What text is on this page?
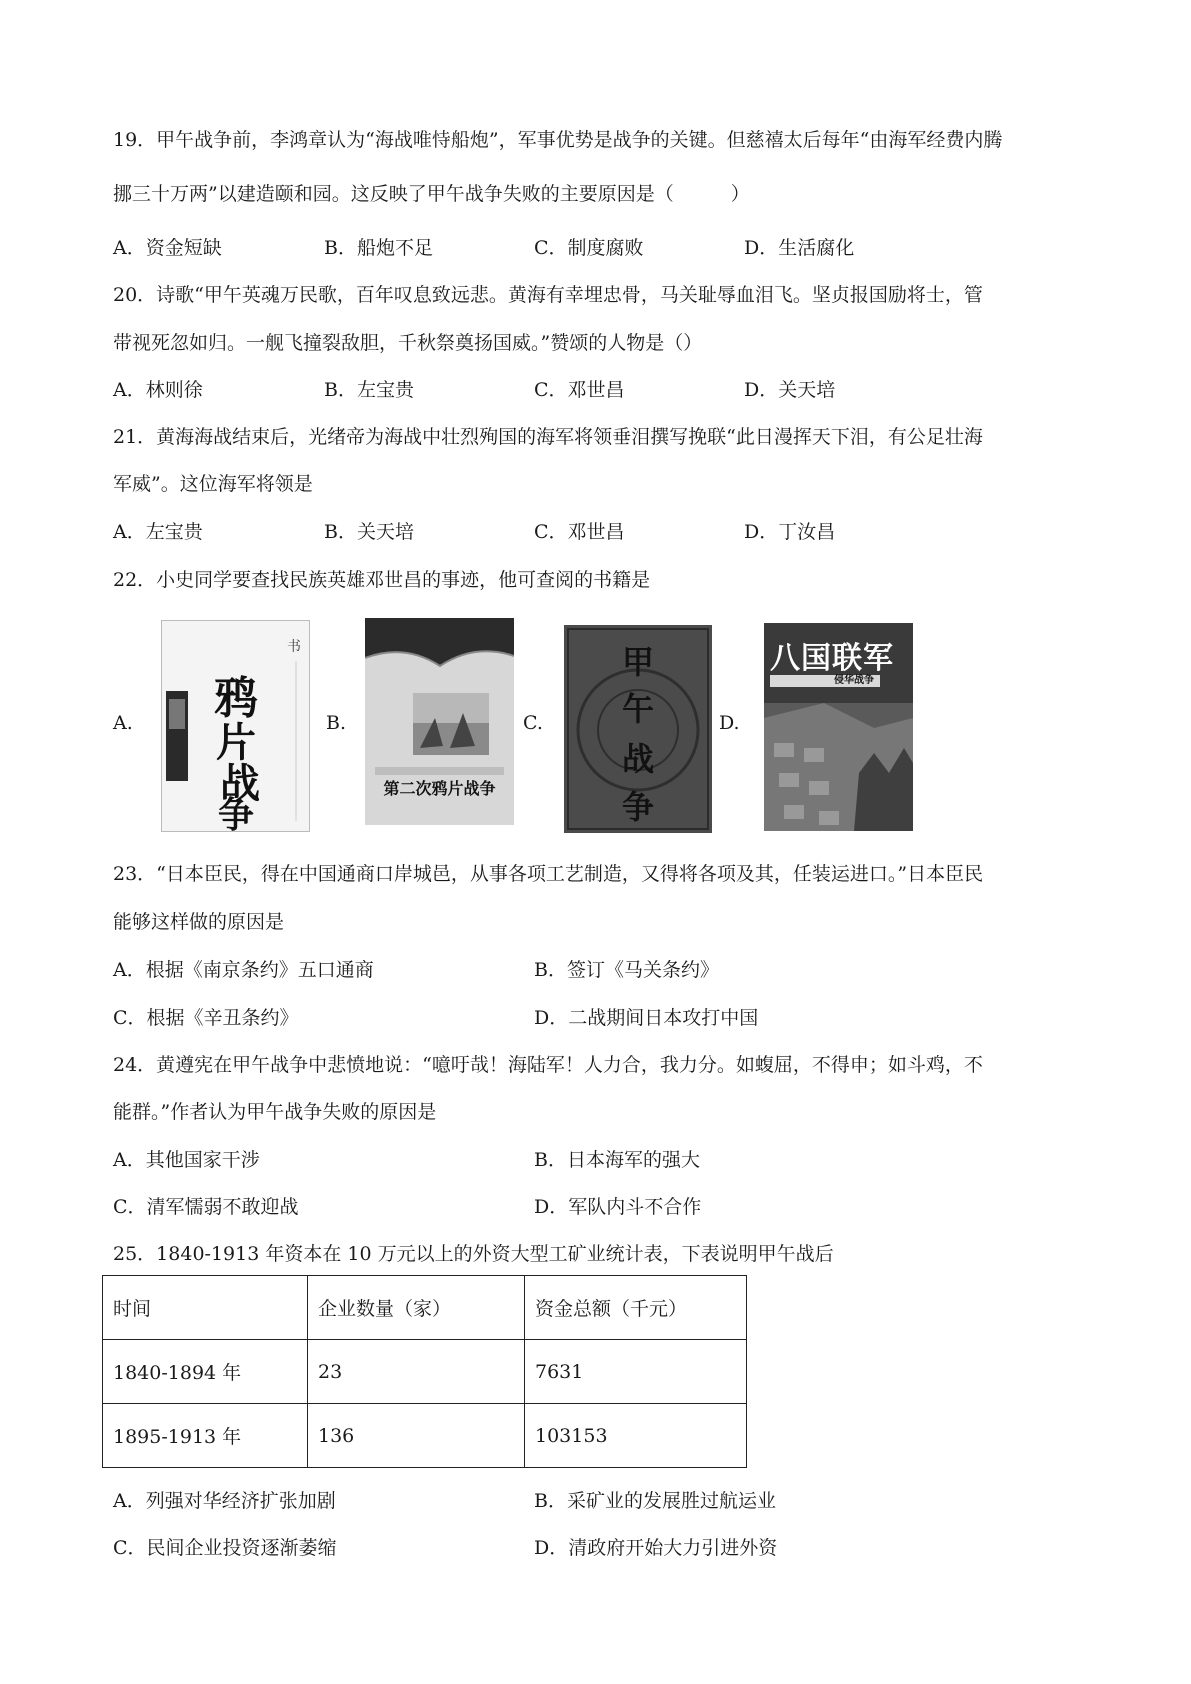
19．甲午战争前，李鸿章认为“海战唯恃船炮”，军事优势是战争的关键。但慈禧太后每年“由海军经费内腾
挪三十万两”以建造颐和园。这反映了甲午战争失败的主要原因是（　　　）
A．资金短缺	B．船炮不足	C．制度腐败	D．生活腐化
20．诗歌“甲午英魂万民歌，百年叹息致远悲。黄海有幸埋忠骨，马关耻辱血泪飞。坚贞报国励将士，管
带视死忽如归。一舰飞撞裂敌胆，千秋祭奠扬国威。”赞颂的人物是（）
A．林则徐	B．左宝贵	C．邓世昌	D．关天培
21．黄海海战结束后，光绪帝为海战中壮烈殉国的海军将领垂泪撰写挽联“此日漫挥天下泪，有公足壮海
军威”。这位海军将领是
A．左宝贵	B．关天培	C．邓世昌	D．丁汝昌
22．小史同学要查找民族英雄邓世昌的事迹，他可查阅的书籍是
A.
书
鸦
片
战
争
B.
第二次鸦片战争
C.
甲
午
战
争
D.
八国联军
侵华战争
23．“日本臣民，得在中国通商口岸城邑，从事各项工艺制造，又得将各项及其，任装运进口。”日本臣民
能够这样做的原因是
A．根据《南京条约》五口通商	B．签订《马关条约》
C．根据《辛丑条约》	D．二战期间日本攻打中国
24．黄遵宪在甲午战争中悲愤地说：“噫吁哉！海陆军！人力合，我力分。如蝮屈，不得申；如斗鸡，不
能群。”作者认为甲午战争失败的原因是
A．其他国家干涉	B．日本海军的强大
C．清军懦弱不敢迎战	D．军队内斗不合作
25．1840-1913 年资本在 10 万元以上的外资大型工矿业统计表，下表说明甲午战后
时间	企业数量（家）	资金总额（千元）
1840-1894 年	23	7631
1895-1913 年	136	103153
A．列强对华经济扩张加剧	B．采矿业的发展胜过航运业
C．民间企业投资逐渐萎缩	D．清政府开始大力引进外资
